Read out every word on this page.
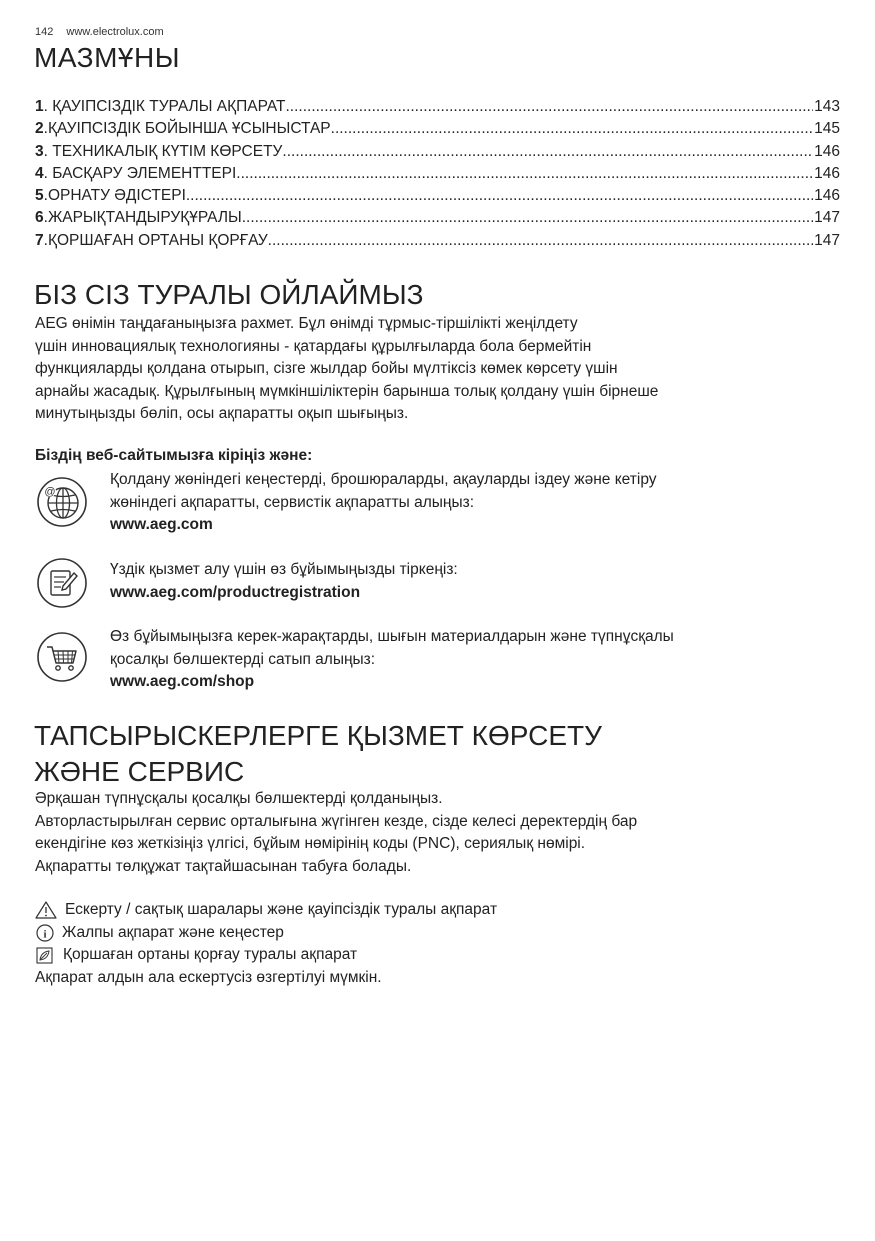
142 www.electrolux.com
МАЗМҰНЫ
1 . ҚАУІПСІЗДІК ТУРАЛЫ АҚПАРАТ .....	143
2 . ҚАУІПСІЗДІК БОЙЫНША ҰСЫНЫСТАР .....	145
3 . ТЕХНИКАЛЫҚ КҮТІМ КӨРСЕТУ .....	146
4 . БАСҚАРУ ЭЛЕМЕНТТЕРІ .....	146
5 . ОРНАТУ ӘДІСТЕРІ .....	146
6 . ЖАРЫҚТАНДЫРУҚҰРАЛЫ .....	147
7 . ҚОРШАҒАН ОРТАНЫ ҚОРҒАУ .....	147
БІЗ СІЗ ТУРАЛЫ ОЙЛАЙМЫЗ
AEG өнімін таңдағаныңызға рахмет. Бұл өнімді тұрмыс-тіршілікті жеңілдету
үшін инновациялық технологияны - қатардағы құрылғыларда бола бермейтін
функцияларды қолдана отырып, сізге жылдар бойы мүлтіксіз көмек көрсету үшін
арнайы жасадық. Құрылғының мүмкіншіліктерін барынша толық қолдану үшін бірнеше
минутыңызды бөліп, осы ақпаратты оқып шығыңыз.
Біздің веб-сайтымызға кіріңіз және:
@
Қолдану жөніндегі кеңестерді, брошюраларды, ақауларды іздеу және кетіру
жөніндегі ақпаратты, сервистік ақпаратты алыңыз:
www.aeg.com
Үздік қызмет алу үшін өз бұйымыңызды тіркеңіз:
www.aeg.com/productregistration
Өз бұйымыңызға керек-жарақтарды, шығын материалдарын және түпнұсқалы
қосалқы бөлшектерді сатып алыңыз:
www.aeg.com/shop
ТАПСЫРЫСКЕРЛЕРГЕ ҚЫЗМЕТ КӨРСЕТУ
ЖӘНЕ СЕРВИС
Әрқашан түпнұсқалы қосалқы бөлшектерді қолданыңыз.
Авторластырылған сервис орталығына жүгінген кезде, сізде келесі деректердің бар
екендігіне көз жеткізіңіз үлгісі, бұйым нөмірінің коды (PNC), сериялық нөмірі.
Ақпаратты төлқұжат тақтайшасынан табуға болады.
Ескерту / сақтық шаралары және қауіпсіздік туралы ақпарат
i Жалпы ақпарат және кеңестер
Қоршаған ортаны қорғау туралы ақпарат
Ақпарат алдын ала ескертусіз өзгертілуі мүмкін.
